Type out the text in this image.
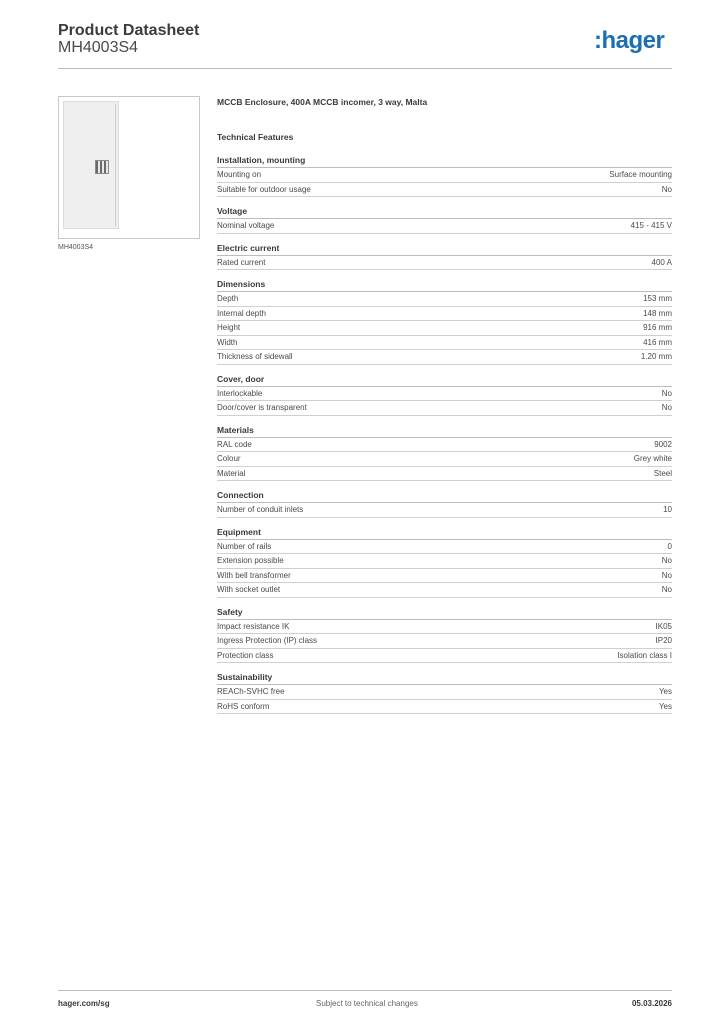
Product Datasheet
MH4003S4	:hager
MH4003S4
MCCB Enclosure, 400A MCCB incomer, 3 way, Malta
Technical Features
Installation, mounting
Mounting on	Surface mounting
Suitable for outdoor usage	No
Voltage
Nominal voltage	415 - 415 V
Electric current
Rated current	400 A
Dimensions
Depth	153 mm
Internal depth	148 mm
Height	916 mm
Width	416 mm
Thickness of sidewall	1.20 mm
Cover, door
Interlockable	No
Door/cover is transparent	No
Materials
RAL code	9002
Colour	Grey white
Material	Steel
Connection
Number of conduit inlets	10
Equipment
Number of rails	0
Extension possible	No
With bell transformer	No
With socket outlet	No
Safety
Impact resistance IK	IK05
Ingress Protection (IP) class	IP20
Protection class	Isolation class I
Sustainability
REACh-SVHC free	Yes
RoHS conform	Yes
hager.com/sg	Subject to technical changes	05.03.2026
